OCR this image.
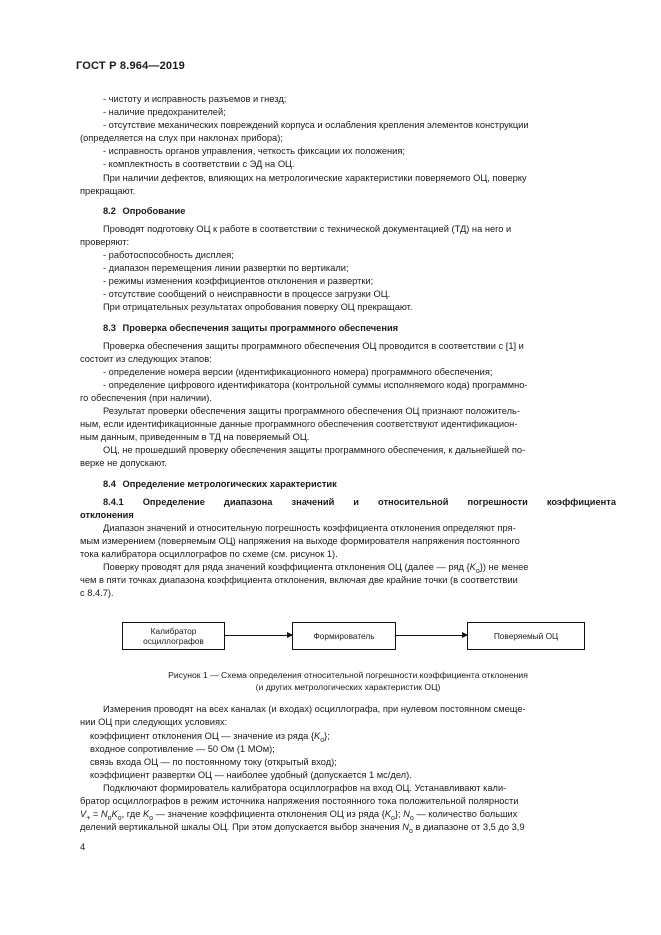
ГОСТ Р 8.964—2019
- чистоту и исправность разъемов и гнезд;
- наличие предохранителей;
- отсутствие механических повреждений корпуса и ослабления крепления элементов конструкции
(определяется на слух при наклонах прибора);
- исправность органов управления, четкость фиксации их положения;
- комплектность в соответствии с ЭД на ОЦ.
При наличии дефектов, влияющих на метрологические характеристики поверяемого ОЦ, поверку
прекращают.
8.2 Опробование
Проводят подготовку ОЦ к работе в соответствии с технической документацией (ТД) на него и
проверяют:
- работоспособность дисплея;
- диапазон перемещения линии развертки по вертикали;
- режимы изменения коэффициентов отклонения и развертки;
- отсутствие сообщений о неисправности в процессе загрузки ОЦ.
При отрицательных результатах опробования поверку ОЦ прекращают.
8.3 Проверка обеспечения защиты программного обеспечения
Проверка обеспечения защиты программного обеспечения ОЦ проводится в соответствии с [1] и
состоит из следующих этапов:
- определение номера версии (идентификационного номера) программного обеспечения;
- определение цифрового идентификатора (контрольной суммы исполняемого кода) программно-
го обеспечения (при наличии).
Результат проверки обеспечения защиты программного обеспечения ОЦ признают положитель-
ным, если идентификационные данные программного обеспечения соответствуют идентификацион-
ным данным, приведенным в ТД на поверяемый ОЦ.
ОЦ, не прошедший проверку обеспечения защиты программного обеспечения, к дальнейшей по-
верке не допускают.
8.4 Определение метрологических характеристик
8.4.1 Определение диапазона значений и относительной погрешности коэффициента
отклонения
Диапазон значений и относительную погрешность коэффициента отклонения определяют пря-
мым измерением (поверяемым ОЦ) напряжения на выходе формирователя напряжения постоянного
тока калибратора осциллографов по схеме (см. рисунок 1).
Поверку проводят для ряда значений коэффициента отклонения ОЦ (далее — ряд $\{K_o\}$) не менее
чем в пяти точках диапазона коэффициента отклонения, включая две крайние точки (в соответствии
с 8.4.7).
Калибратор
осциллографов	Формирователь	Поверяемый ОЦ
Рисунок 1 — Схема определения относительной погрешности коэффициента отклонения
(и других метрологических характеристик ОЦ)
Измерения проводят на всех каналах (и входах) осциллографа, при нулевом постоянном смеще-
нии ОЦ при следующих условиях:
коэффициент отклонения ОЦ — значение из ряда $\{K_o\}$;
входное сопротивление — 50 Ом (1 МОм);
связь входа ОЦ — по постоянному току (открытый вход);
коэффициент развертки ОЦ — наиболее удобный (допускается 1 мс/дел).
Подключают формирователь калибратора осциллографов на вход ОЦ. Устанавливают кали-
братор осциллографов в режим источника напряжения постоянного тока положительной полярности
$V_+ = N_oK_o$, где $K_o$ — значение коэффициента отклонения ОЦ из ряда $\{K_o\}$; $N_o$ — количество больших
делений вертикальной шкалы ОЦ. При этом допускается выбор значения $N_o$ в диапазоне от 3,5 до 3,9
4
